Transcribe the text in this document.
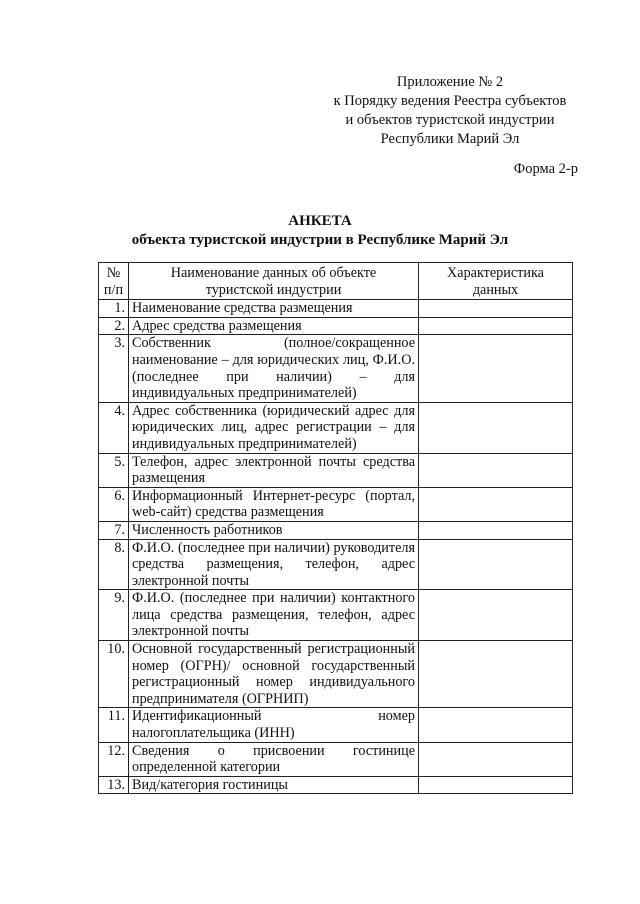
Приложение № 2
к Порядку ведения Реестра субъектов
и объектов туристской индустрии
Республики Марий Эл
Форма 2-р
АНКЕТА
объекта туристской индустрии в Республике Марий Эл
№ п/п	Наименование данных об объекте туристской индустрии	Характеристика данных
1.	Наименование средства размещения	
2.	Адрес средства размещения	
3.	Собственник (полное/сокращенное наименование – для юридических лиц, Ф.И.О. (последнее при наличии) – для индивидуальных предпринимателей)	
4.	Адрес собственника (юридический адрес для юридических лиц, адрес регистрации – для индивидуальных предпринимателей)	
5.	Телефон, адрес электронной почты средства размещения	
6.	Информационный Интернет-ресурс (портал, web-сайт) средства размещения	
7.	Численность работников	
8.	Ф.И.О. (последнее при наличии) руководителя средства размещения, телефон, адрес электронной почты	
9.	Ф.И.О. (последнее при наличии) контактного лица средства размещения, телефон, адрес электронной почты	
10.	Основной государственный регистрационный номер (ОГРН)/ основной государственный регистрационный номер индивидуального предпринимателя (ОГРНИП)	
11.	Идентификационный номер налогоплательщика (ИНН)	
12.	Сведения о присвоении гостинице определенной категории	
13.	Вид/категория гостиницы	
